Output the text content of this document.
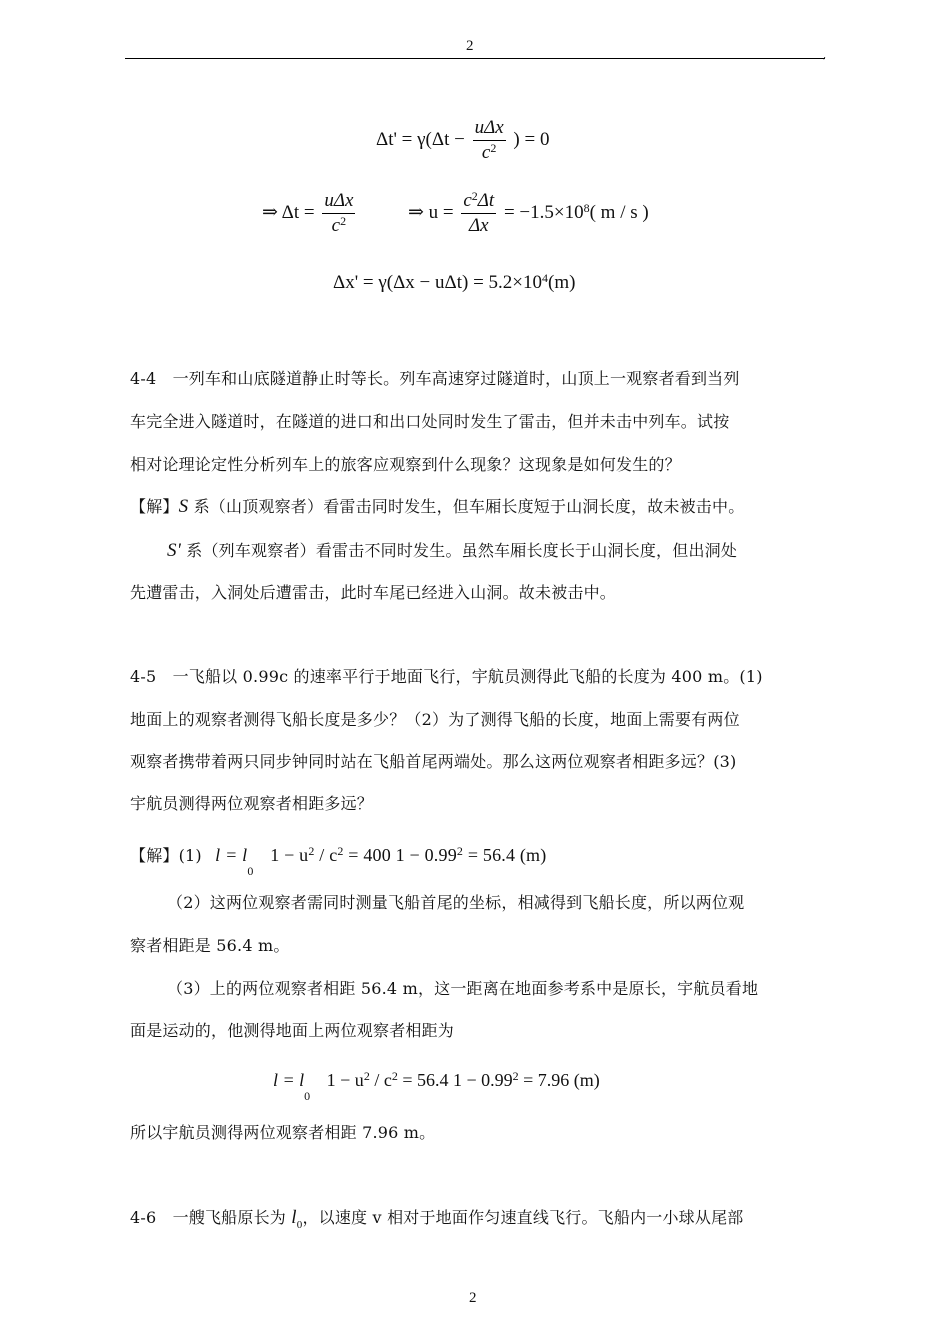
2
,
$\Delta t' = \gamma(\Delta t - \frac{\text{uΔx}}{c^2}$ ) = 0
⇒ $\Delta t = \frac{\text{uΔx}}{c^2}$	⇒ $u = \frac{c^2\Delta t}{\Delta x} = -1.5\times 10^8$( m / s )
$\Delta x' = \gamma(\Delta x - u\Delta t) = 5.2\times 10^4(m)$
4-4　一列车和山底隧道静止时等长。列车高速穿过隧道时，山顶上一观察者看到当列
车完全进入隧道时，在隧道的进口和出口处同时发生了雷击，但并未击中列车。试按
相对论理论定性分析列车上的旅客应观察到什么现象？这现象是如何发生的？
【解】S 系（山顶观察者）看雷击同时发生，但车厢长度短于山洞长度，故未被击中。
S' 系（列车观察者）看雷击不同时发生。虽然车厢长度长于山洞长度，但出洞处
先遭雷击，入洞处后遭雷击，此时车尾已经进入山洞。故未被击中。
4-5　一飞船以 0.99c 的速率平行于地面飞行，宇航员测得此飞船的长度为 400 m。(1)
地面上的观察者测得飞船长度是多少？（2）为了测得飞船的长度，地面上需要有两位
观察者携带着两只同步钟同时站在飞船首尾两端处。那么这两位观察者相距多远？(3)
宇航员测得两位观察者相距多远？
【解】(1) $l = l_0$ $1 - u^2 / c^2 = 400$ $1 - 0.99^2 = 56.4$ (m)
（2）这两位观察者需同时测量飞船首尾的坐标，相减得到飞船长度，所以两位观
察者相距是 56.4 m。
（3）上的两位观察者相距 56.4 m，这一距离在地面参考系中是原长，宇航员看地
面是运动的，他测得地面上两位观察者相距为
$l = l_0$ $1 - u^2 / c^2 = 56.4$ $1 - 0.99^2 = 7.96$ (m)
所以宇航员测得两位观察者相距 7.96 m。
4-6　一艘飞船原长为 $l_0$，以速度 v 相对于地面作匀速直线飞行。飞船内一小球从尾部
2
